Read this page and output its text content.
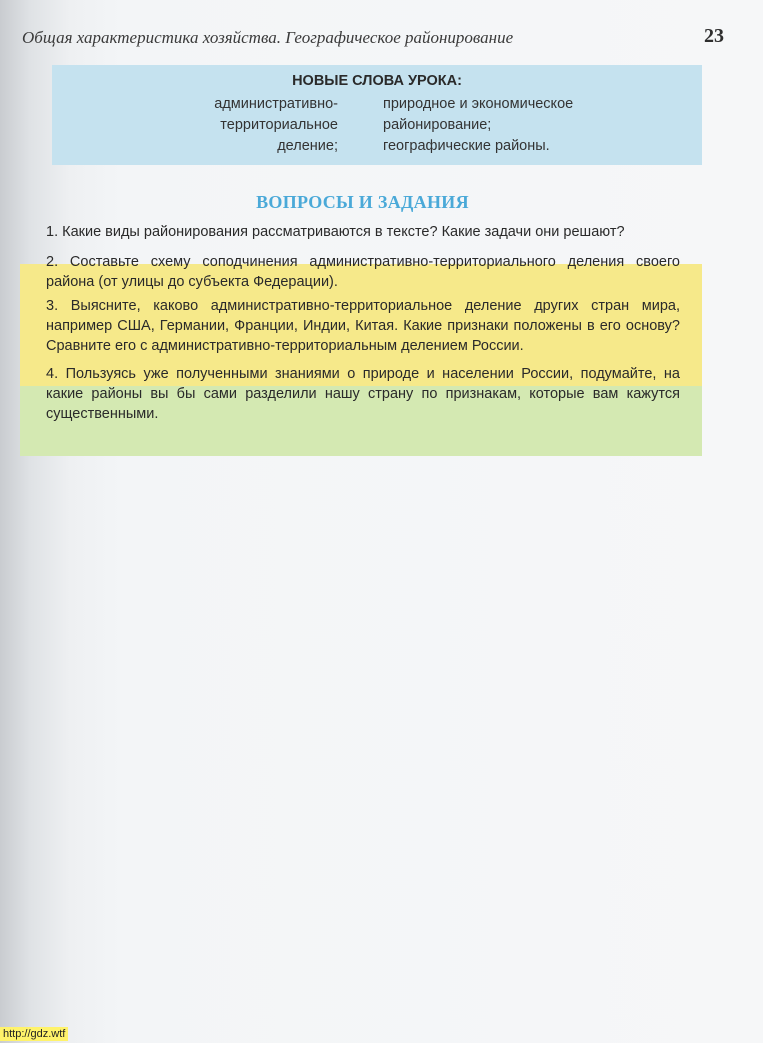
Общая характеристика хозяйства. Географическое районирование	23
НОВЫЕ СЛОВА УРОКА:
административно-
территориальное
деление;
природное и экономическое
районирование;
географические районы.
ВОПРОСЫ И ЗАДАНИЯ
1. Какие виды районирования рассматриваются в тексте? Какие задачи они решают?
2. Составьте схему соподчинения административно-территориального деления своего района (от улицы до субъекта Федерации).
3. Выясните, каково административно-территориальное деление других стран мира, например США, Германии, Франции, Индии, Китая. Какие признаки положены в его основу? Сравните его с административно-территориальным делением России.
4. Пользуясь уже полученными знаниями о природе и населении России, подумайте, на какие районы вы бы сами разделили нашу страну по признакам, которые вам кажутся существенными.
http://gdz.wtf
